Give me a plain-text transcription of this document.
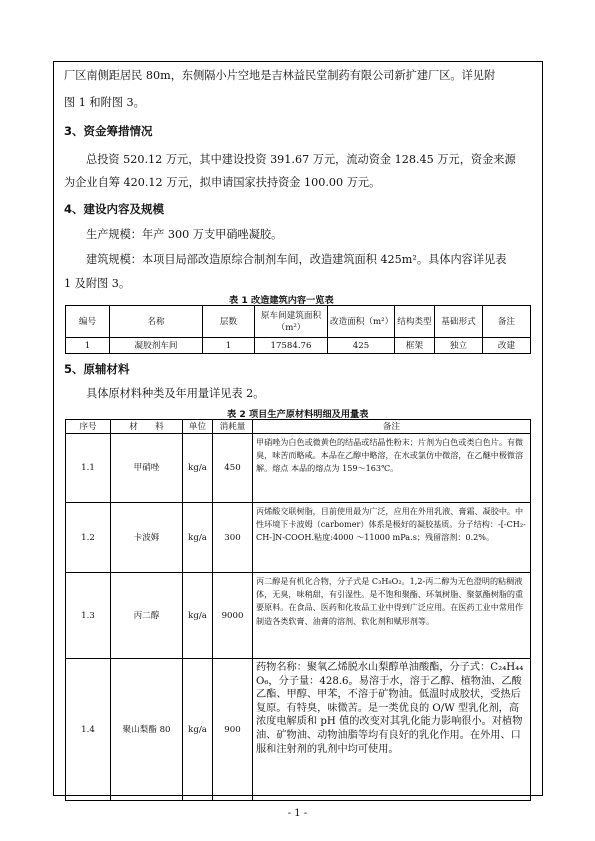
厂区南侧距居民 80m，东侧隔小片空地是吉林益民堂制药有限公司新扩建厂区。详见附
图 1 和附图 3。
3、资金筹措情况
总投资 520.12 万元，其中建设投资 391.67 万元，流动资金 128.45 万元，资金来源
为企业自筹 420.12 万元，拟申请国家扶持资金 100.00 万元。
4、建设内容及规模
生产规模：年产 300 万支甲硝唑凝胶。
建筑规模：本项目局部改造原综合制剂车间，改造建筑面积 425m²。具体内容详见表
1 及附图 3。
表 1 改造建筑内容一览表
编号	名称	层数	原车间建筑面积（m²）	改造面积（m²）	结构类型	基础形式	备注
1	凝胶剂车间	1	17584.76	425	框架	独立	改建
5、原辅材料
具体原材料种类及年用量详见表 2。
表 2 项目生产原材料明细及用量表
序号	材　　料	单位	消耗量	备注
1.1	甲硝唑	kg/a	450	甲硝唑为白色或微黄色的结晶或结晶性粉末；片剂为白色或类白色片。有微臭，味苦而略咸。本品在乙醇中略溶，在水或氯仿中微溶，在乙醚中极微溶解。熔点 本品的熔点为 159～163℃。
1.2	卡波姆	kg/a	300	丙烯酸交联树脂，目前使用最为广泛，应用在外用乳液、膏霜、凝胶中。中性环境下卡波姆（carbomer）体系是极好的凝胶基质。分子结构：-[-CH₂-CH-]N-COOH.粘度:4000 ～11000 mPa.s；残留溶剂：0.2%。
1.3	丙二醇	kg/a	9000	丙二醇是有机化合物，分子式是 C₃H₈O₂。1,2-丙二醇为无色澄明的粘稠液体，无臭，味稍甜，有引湿性。是不饱和聚酯、环氧树脂、聚氨酯树脂的重要原料。在食品、医药和化妆品工业中得到广泛应用。在医药工业中常用作制造各类软膏、油膏的溶剂、软化剂和赋形剂等。
1.4	聚山梨酯 80	kg/a	900	药物名称：聚氧乙烯脱水山梨醇单油酸酯，分子式：C₂₄H₄₄O₆，分子量：428.6。易溶于水，溶于乙醇、植物油、乙酸乙酯、甲醇、甲苯，不溶于矿物油。低温时成胶状，受热后复原。有特臭，味微苦。是一类优良的 O/W 型乳化剂，高浓度电解质和 pH 值的改变对其乳化能力影响很小。对植物油、矿物油、动物油脂等均有良好的乳化作用。在外用、口服和注射剂的乳剂中均可使用。
- 1 -
